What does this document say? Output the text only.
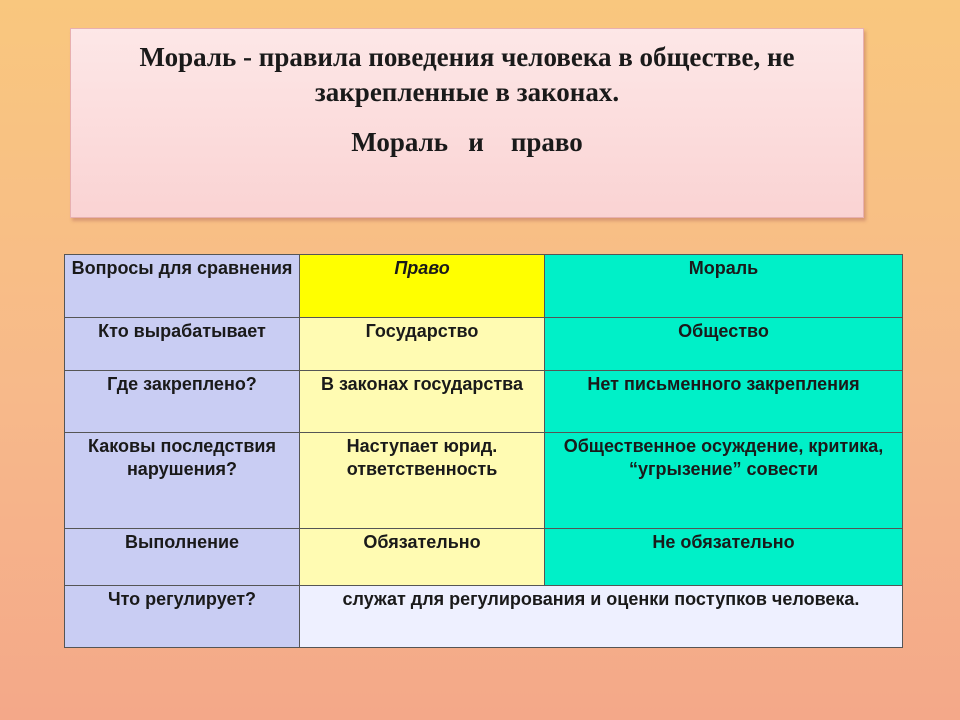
Мораль - правила поведения человека в обществе, не
закрепленные в законах.
Мораль   и    право
Вопросы для сравнения	Право	Мораль
Кто вырабатывает	Государство	Общество
Где закреплено?	В законах государства	Нет письменного закрепления
Каковы последствия нарушения?	Наступает юрид. ответственность	Общественное осуждение, критика, “угрызение” совести
Выполнение	Обязательно	Не обязательно
Что регулирует?	служат для регулирования и оценки поступков человека.	
